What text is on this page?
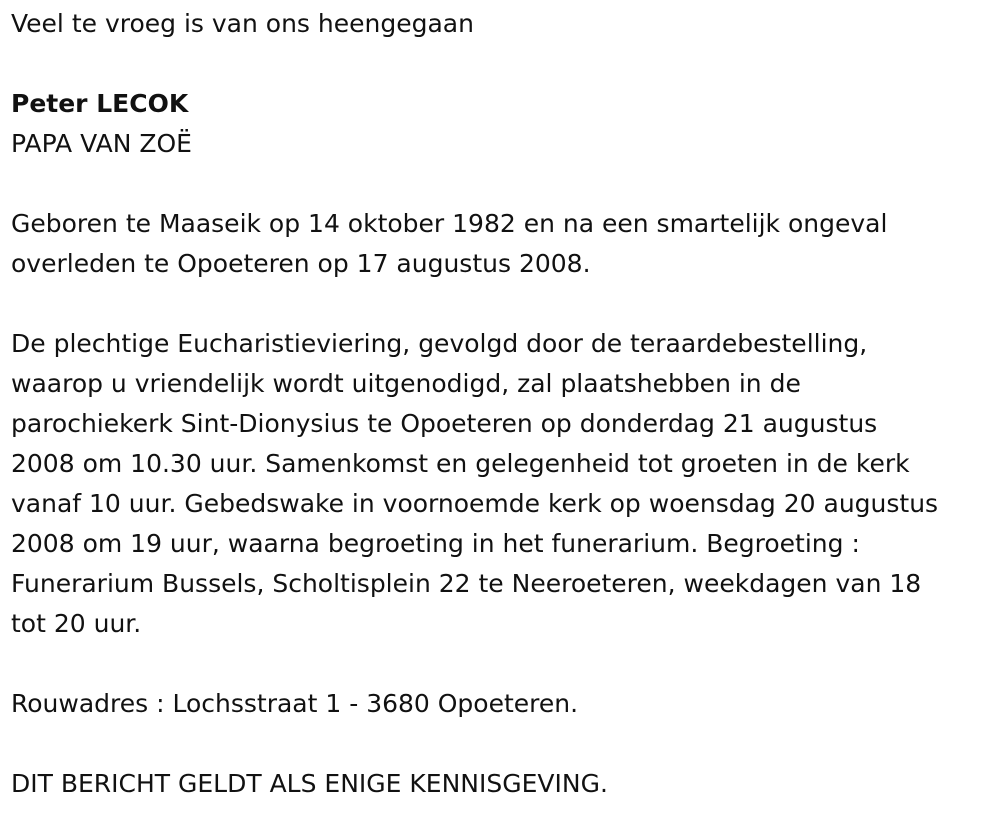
Veel te vroeg is van ons heengegaan
Peter LECOK
PAPA VAN ZOË
Geboren te Maaseik op 14 oktober 1982 en na een smartelijk ongeval
overleden te Opoeteren op 17 augustus 2008.
De plechtige Eucharistieviering, gevolgd door de teraardebestelling,
waarop u vriendelijk wordt uitgenodigd, zal plaatshebben in de
parochiekerk Sint-Dionysius te Opoeteren op donderdag 21 augustus
2008 om 10.30 uur. Samenkomst en gelegenheid tot groeten in de kerk
vanaf 10 uur. Gebedswake in voornoemde kerk op woensdag 20 augustus
2008 om 19 uur, waarna begroeting in het funerarium. Begroeting :
Funerarium Bussels, Scholtisplein 22 te Neeroeteren, weekdagen van 18
tot 20 uur.
Rouwadres : Lochsstraat 1 - 3680 Opoeteren.
DIT BERICHT GELDT ALS ENIGE KENNISGEVING.
